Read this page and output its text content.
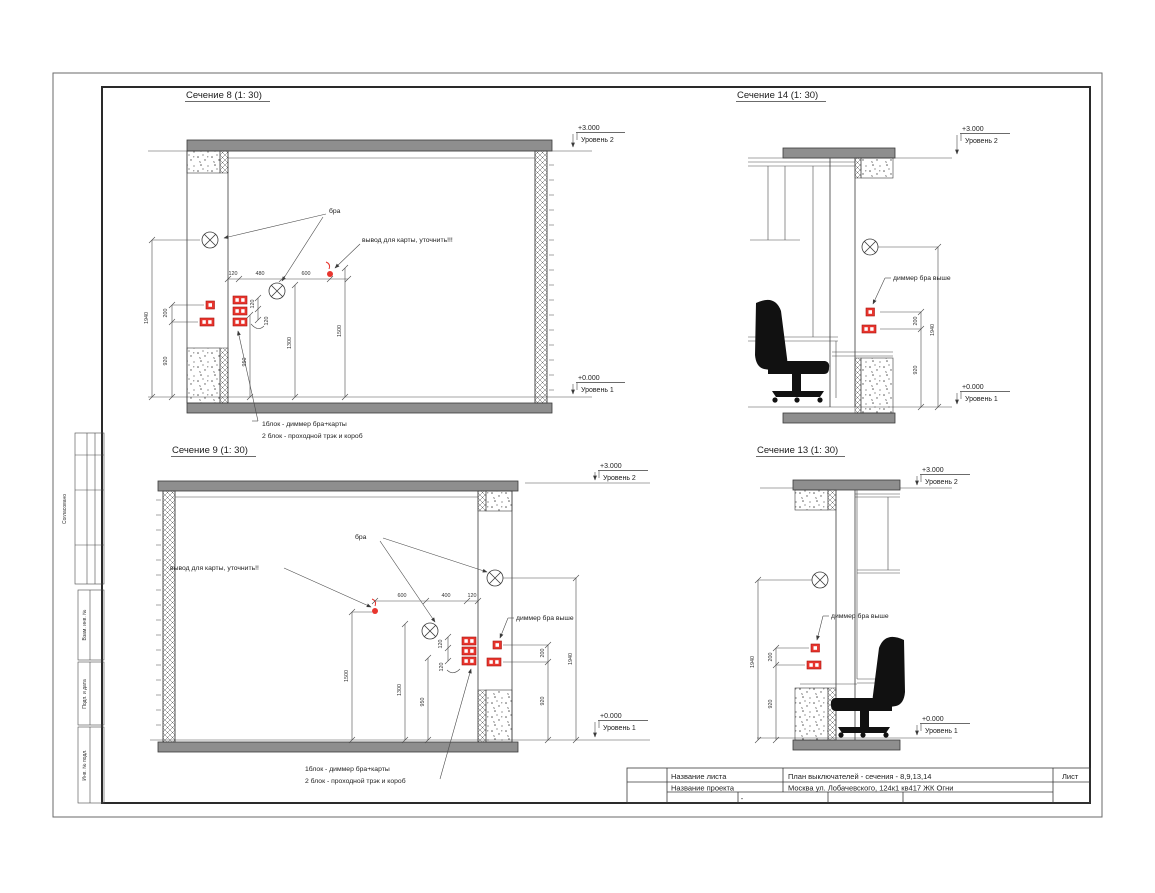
Согласовано
Взам. инв. №
Подп. и дата
Инв. № подл.
Сечение 8 (1: 30)
бра
вывод для карты, уточнить!!!
1блок - диммер бра+карты
2 блок - проходной трэк и короб
120	480	600
950
1300
1500
120
120
200
920
1940
+3.000
Уровень 2
+0.000
Уровень 1
Сечение 14 (1: 30)
диммер бра выше
200
920
1940
+3.000
Уровень 2
+0.000
Уровень 1
Сечение 9 (1: 30)
бра
вывод для карты, уточнить!!
диммер бра выше
1блок - диммер бра+карты
2 блок - проходной трэк и короб
600	400	120
1500
1300
950
120
120
200
920
1940
+3.000
Уровень 2
+0.000
Уровень 1
Сечение 13 (1: 30)
диммер бра выше
1940 200
920
+3.000
Уровень 2
+0.000
Уровень 1
Название листа	План выключателей - сечения - 8,9,13,14
Название проекта	Москва ул. Лобачевского, 124к1 кв417 ЖК Огни
Лист
-
